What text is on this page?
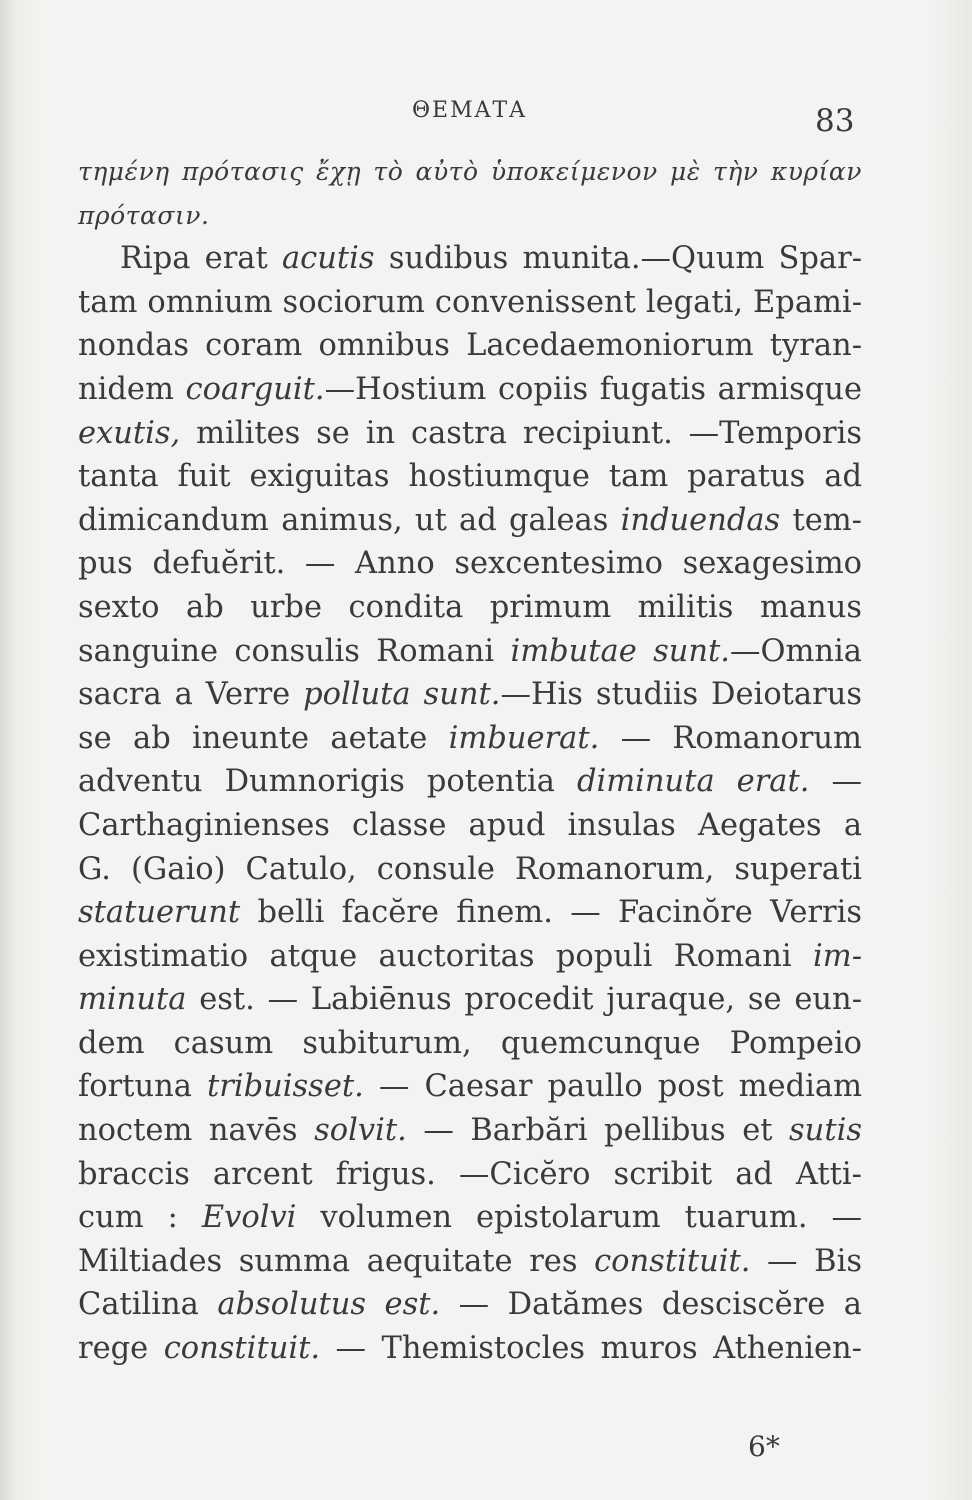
ΘΕΜΑΤΑ	83
τημένη πρότασις ἔχῃ τὸ αὐτὸ ὑποκείμενον μὲ τὴν κυρίαν
πρότασιν.
Ripa erat acutis sudibus munita.—Quum Spar-
tam omnium sociorum convenissent legati, Epami-
nondas coram omnibus Lacedaemoniorum tyran-
nidem coarguit.—Hostium copiis fugatis armisque
exutis, milites se in castra recipiunt. —Temporis
tanta fuit exiguitas hostiumque tam paratus ad
dimicandum animus, ut ad galeas induendas tem-
pus defuĕrit. — Anno sexcentesimo sexagesimo
sexto ab urbe condita primum militis manus
sanguine consulis Romani imbutae sunt.—Omnia
sacra a Verre polluta sunt.—His studiis Deiotarus
se ab ineunte aetate imbuerat. — Romanorum
adventu Dumnorigis potentia diminuta erat. —
Carthaginienses classe apud insulas Aegates a
G. (Gaio) Catulo, consule Romanorum, superati
statuerunt belli facĕre finem. — Facinŏre Verris
existimatio atque auctoritas populi Romani im-
minuta est. — Labiēnus procedit juraque, se eun-
dem casum subiturum, quemcunque Pompeio
fortuna tribuisset. — Caesar paullo post mediam
noctem navēs solvit. — Barbări pellibus et sutis
braccis arcent frigus. —Cicĕro scribit ad Atti-
cum : Evolvi volumen epistolarum tuarum. —
Miltiades summa aequitate res constituit. — Bis
Catilina absolutus est. — Datămes desciscĕre a
rege constituit. — Themistocles muros Athenien-
6*
